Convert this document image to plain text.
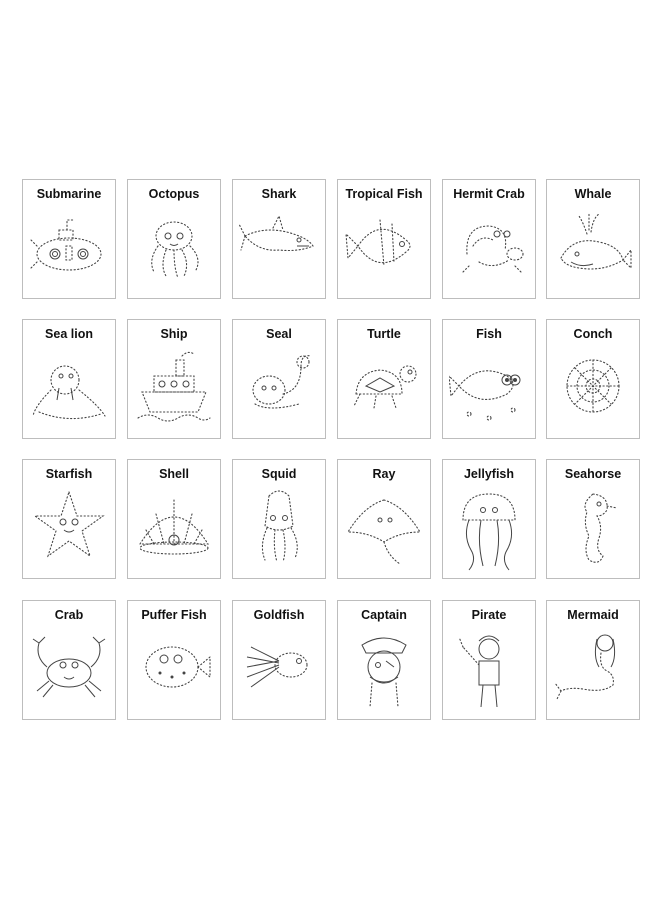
Submarine	Octopus	Shark	Tropical Fish	Hermit Crab	Whale
Sea lion	Ship	Seal	Turtle	Fish	Conch
Starfish	Shell	Squid	Ray	Jellyfish	Seahorse
Crab	Puffer Fish	Goldfish	Captain	Pirate	Mermaid
